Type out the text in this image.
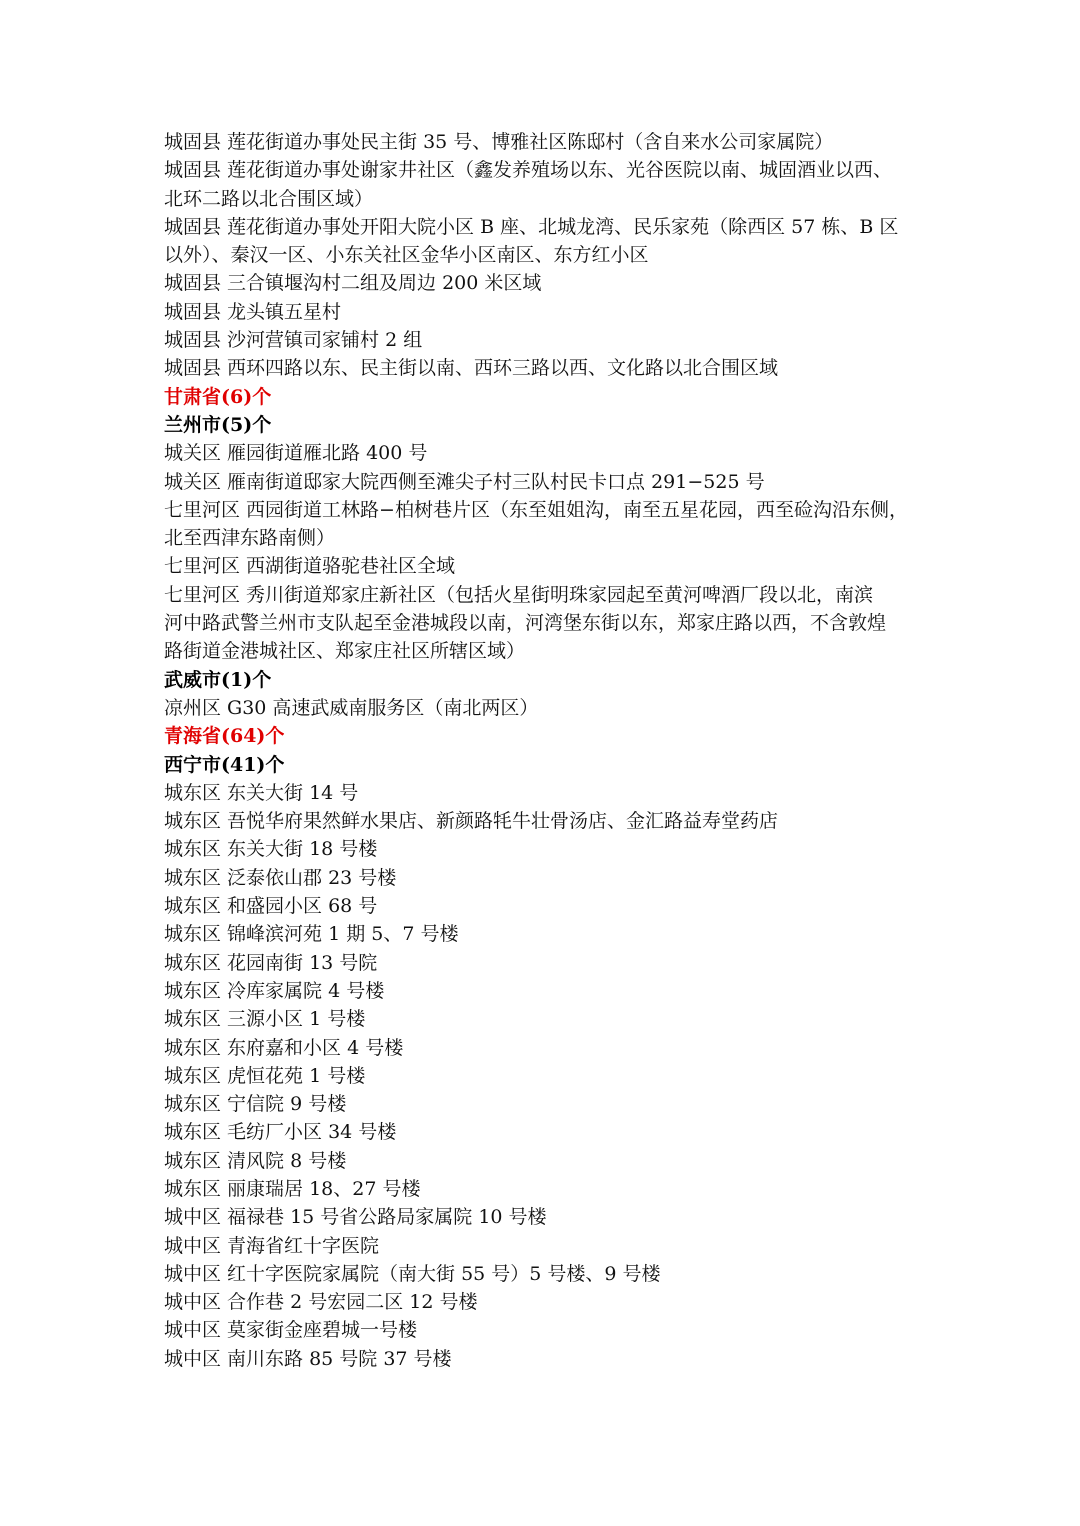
城固县 莲花街道办事处民主街 35 号、博雅社区陈邸村（含自来水公司家属院）
城固县 莲花街道办事处谢家井社区（鑫发养殖场以东、光谷医院以南、城固酒业以西、
北环二路以北合围区域）
城固县 莲花街道办事处开阳大院小区 B 座、北城龙湾、民乐家苑（除西区 57 栋、B 区
以外）、秦汉一区、小东关社区金华小区南区、东方红小区
城固县 三合镇堰沟村二组及周边 200 米区域
城固县 龙头镇五星村
城固县 沙河营镇司家铺村 2 组
城固县 西环四路以东、民主街以南、西环三路以西、文化路以北合围区域
甘肃省(6)个
兰州市(5)个
城关区 雁园街道雁北路 400 号
城关区 雁南街道邸家大院西侧至滩尖子村三队村民卡口点 291−525 号
七里河区 西园街道工林路−柏树巷片区（东至姐姐沟，南至五星花园，西至硷沟沿东侧，
北至西津东路南侧）
七里河区 西湖街道骆驼巷社区全域
七里河区 秀川街道郑家庄新社区（包括火星街明珠家园起至黄河啤酒厂段以北，南滨
河中路武警兰州市支队起至金港城段以南，河湾堡东街以东，郑家庄路以西，不含敦煌
路街道金港城社区、郑家庄社区所辖区域）
武威市(1)个
凉州区 G30 高速武威南服务区（南北两区）
青海省(64)个
西宁市(41)个
城东区 东关大街 14 号
城东区 吾悦华府果然鲜水果店、新颜路牦牛壮骨汤店、金汇路益寿堂药店
城东区 东关大街 18 号楼
城东区 泛泰依山郡 23 号楼
城东区 和盛园小区 68 号
城东区 锦峰滨河苑 1 期 5、7 号楼
城东区 花园南街 13 号院
城东区 冷库家属院 4 号楼
城东区 三源小区 1 号楼
城东区 东府嘉和小区 4 号楼
城东区 虎恒花苑 1 号楼
城东区 宁信院 9 号楼
城东区 毛纺厂小区 34 号楼
城东区 清风院 8 号楼
城东区 丽康瑞居 18、27 号楼
城中区 福禄巷 15 号省公路局家属院 10 号楼
城中区 青海省红十字医院
城中区 红十字医院家属院（南大街 55 号）5 号楼、9 号楼
城中区 合作巷 2 号宏园二区 12 号楼
城中区 莫家街金座碧城一号楼
城中区 南川东路 85 号院 37 号楼
